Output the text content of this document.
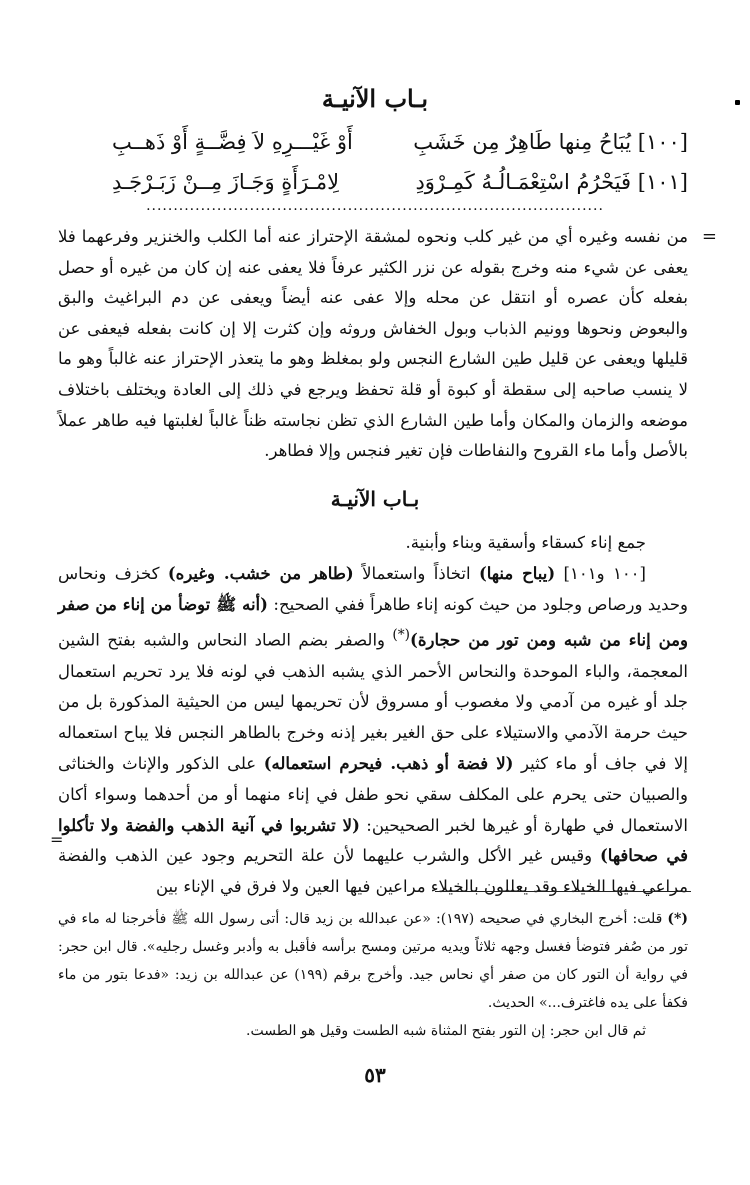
بـاب الآنيـة
[١٠٠] يُبَاحُ مِنها طَاهِرٌ مِن خَشَبِ
أَوْ غَيْـــرِهِ لاَ فِضَّــةٍ أَوْ ذَهــبِ
[١٠١] فَيَحْرُمُ اسْتِعْمَـالُـهُ كَمِـرْوَدِ
لِامْـرَأَةٍ وَجَـازَ مِــنْ زَبَـرْجَـدِ
....................................................................................
=

من نفسه وغيره أي من غير كلب ونحوه لمشقة الإحتراز عنه أما الكلب والخنزير وفرعهما فلا يعفى عن شيء منه وخرج بقوله عن نزر الكثير عرفاً فلا يعفى عنه إن كان من غيره أو حصل بفعله كأن عصره أو انتقل عن محله وإلا عفى عنه أيضاً ويعفى عن دم البراغيث والبق والبعوض ونحوها وونيم الذباب وبول الخفاش وروثه وإن كثرت إلا إن كانت بفعله فيعفى عن قليلها ويعفى عن قليل طين الشارع النجس ولو بمغلظ وهو ما يتعذر الإحتراز عنه غالباً وهو ما لا ينسب صاحبه إلى سقطة أو كبوة أو قلة تحفظ ويرجع في ذلك إلى العادة ويختلف باختلاف موضعه والزمان والمكان وأما طين الشارع الذي تظن نجاسته ظناً غالباً لغلبتها فيه طاهر عملاً بالأصل وأما ماء القروح والنفاطات فإن تغير فنجس وإلا فطاهر.

بـاب الآنيـة

جمع إناء كسقاء وأسقية وبناء وأبنية.

[١٠٠ و١٠١] (يباح منها) اتخاذاً واستعمالاً (طاهر من خشب. وغيره) كخزف ونحاس وحديد ورصاص وجلود من حيث كونه إناء طاهراً ففي الصحيح: (أنه ﷺ توضأ من إناء من صفر ومن إناء من شبه ومن تور من حجارة)(*) والصفر بضم الصاد النحاس والشبه بفتح الشين المعجمة، والباء الموحدة والنحاس الأحمر الذي يشبه الذهب في لونه فلا يرد تحريم استعمال جلد أو غيره من آدمي ولا مغصوب أو مسروق لأن تحريمها ليس من الحيثية المذكورة بل من حيث حرمة الآدمي والاستيلاء على حق الغير بغير إذنه وخرج بالطاهر النجس فلا يباح استعماله إلا في جاف أو ماء كثير (لا فضة أو ذهب. فيحرم استعماله) على الذكور والإناث والخناثى والصبيان حتى يحرم على المكلف سقي نحو طفل في إناء منهما أو من أحدهما وسواء أكان الاستعمال في طهارة أو غيرها لخبر الصحيحين: (لا تشربوا في آنية الذهب والفضة ولا تأكلوا في صحافها) وقيس غير الأكل والشرب عليهما لأن علة التحريم وجود عين الذهب والفضة مراعي فيها الخيلاء وقد يعللون بالخيلاء مراعين فيها العين ولا فرق في الإناء بين

=

(*) قلت: أخرج البخاري في صحيحه (١٩٧): «عن عبدالله بن زيد قال: أتى رسول الله ﷺ فأخرجنا له ماء في تور من صُفر فتوضأ فغسل وجهه ثلاثاً ويديه مرتين ومسح برأسه فأقبل به وأدبر وغسل رجليه». قال ابن حجر: في رواية أن التور كان من صفر أي نحاس جيد. وأخرج برقم (١٩٩) عن عبدالله بن زيد: «فدعا بتور من ماء فكفأ على يده فاغترف...» الحديث.

ثم قال ابن حجر: إن التور بفتح المثناة شبه الطست وقيل هو الطست.

٥٣
